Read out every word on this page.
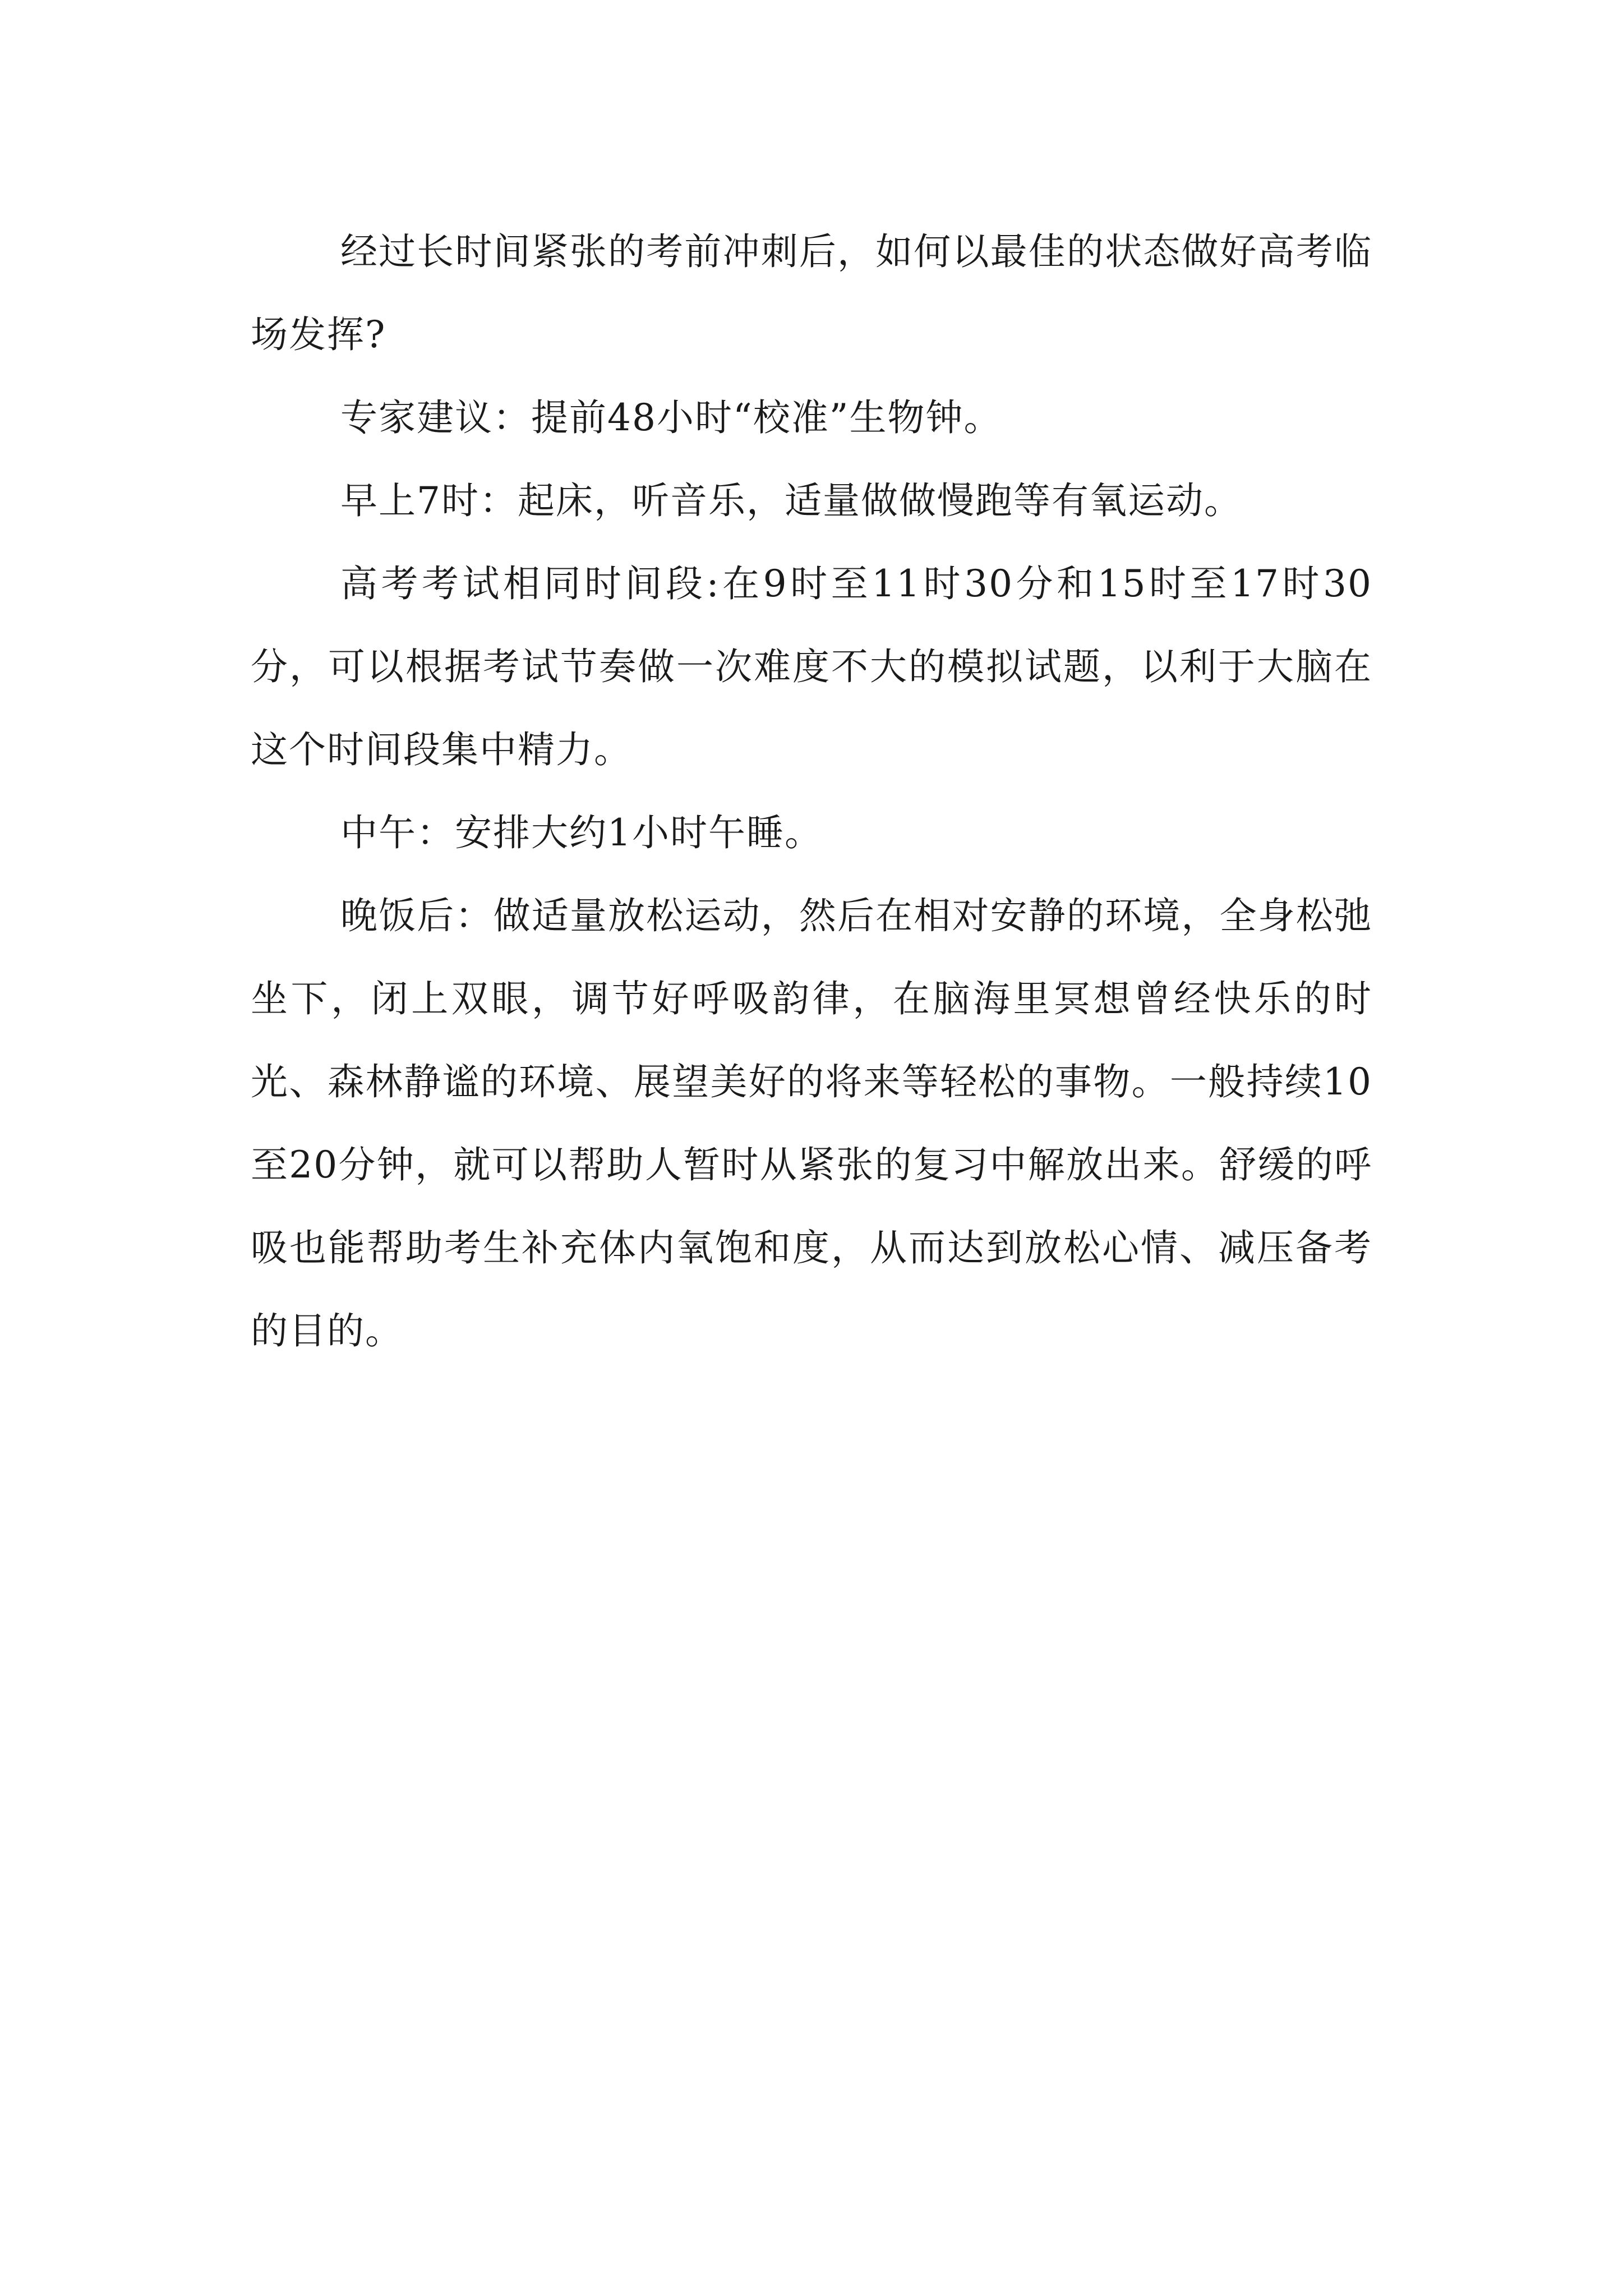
经过长时间紧张的考前冲刺后，如何以最佳的状态做好高考临场发挥?

专家建议：提前48小时“校准”生物钟。

早上7时：起床，听音乐，适量做做慢跑等有氧运动。

高考考试相同时间段:在9时至11时30分和15时至17时30分，可以根据考试节奏做一次难度不大的模拟试题，以利于大脑在这个时间段集中精力。

中午：安排大约1小时午睡。

晚饭后：做适量放松运动，然后在相对安静的环境，全身松弛坐下，闭上双眼，调节好呼吸韵律，在脑海里冥想曾经快乐的时光、森林静谧的环境、展望美好的将来等轻松的事物。一般持续10至20分钟，就可以帮助人暂时从紧张的复习中解放出来。舒缓的呼吸也能帮助考生补充体内氧饱和度，从而达到放松心情、减压备考的目的。
